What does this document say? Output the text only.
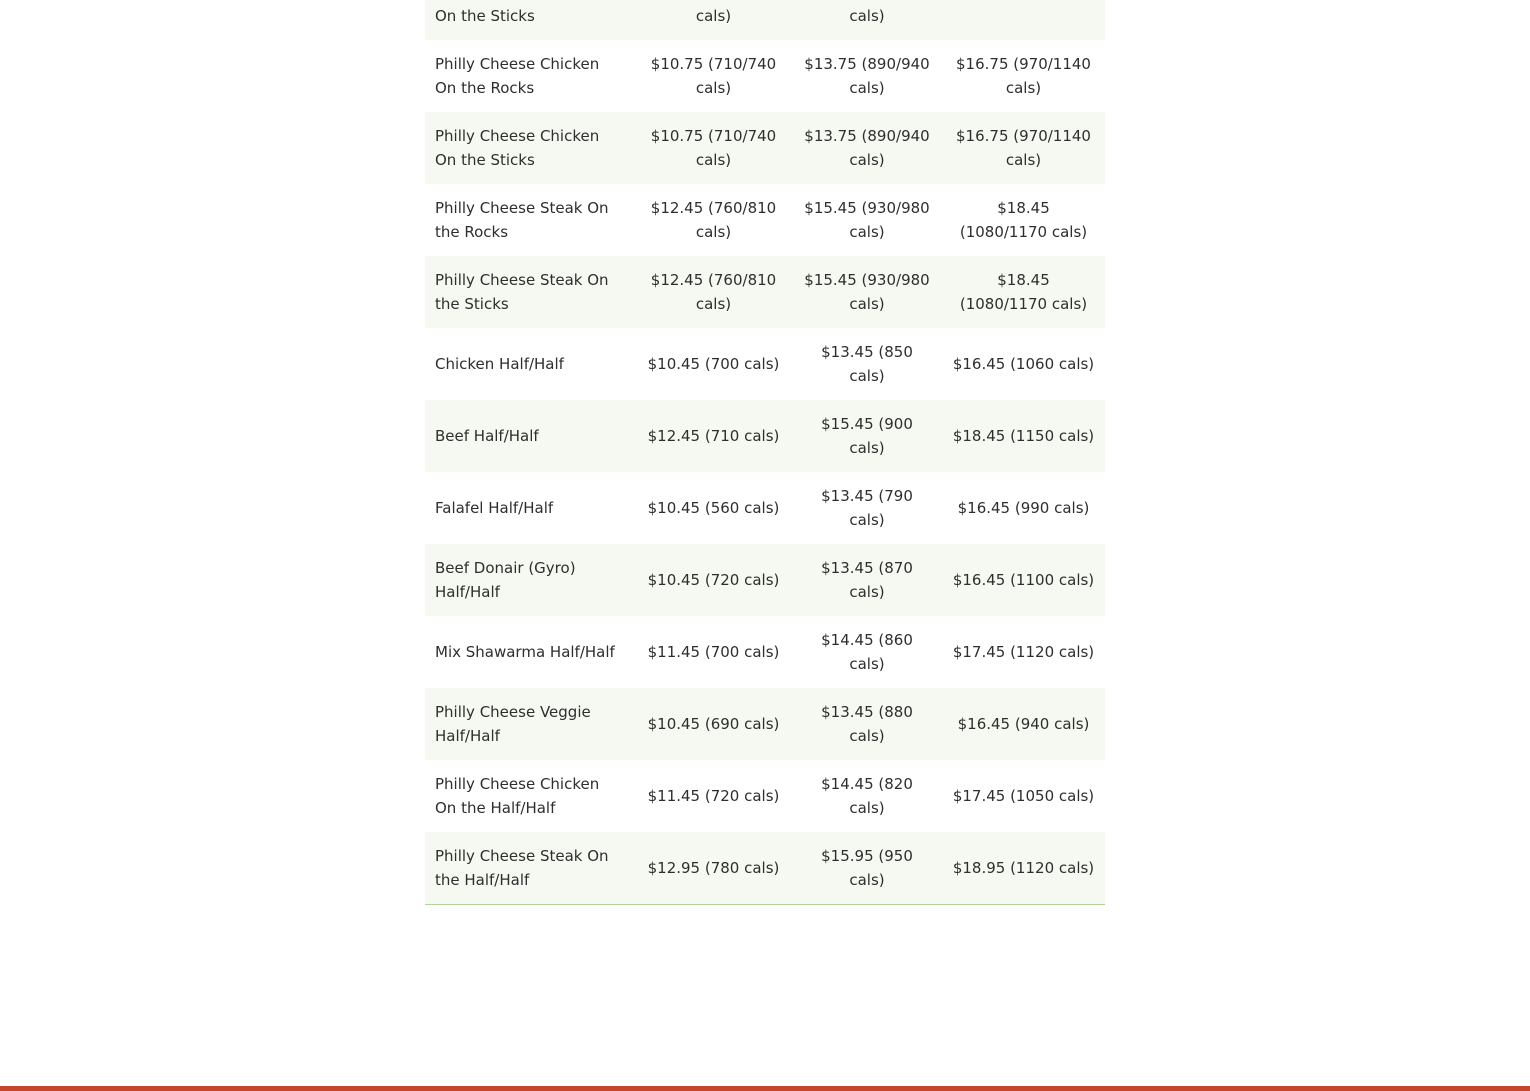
On the Sticks	cals)	cals)	
Philly Cheese Chicken On the Rocks	$10.75 (710/740 cals)	$13.75 (890/940 cals)	$16.75 (970/1140 cals)
Philly Cheese Chicken On the Sticks	$10.75 (710/740 cals)	$13.75 (890/940 cals)	$16.75 (970/1140 cals)
Philly Cheese Steak On the Rocks	$12.45 (760/810 cals)	$15.45 (930/980 cals)	$18.45 (1080/1170 cals)
Philly Cheese Steak On the Sticks	$12.45 (760/810 cals)	$15.45 (930/980 cals)	$18.45 (1080/1170 cals)
Chicken Half/Half	$10.45 (700 cals)	$13.45 (850 cals)	$16.45 (1060 cals)
Beef Half/Half	$12.45 (710 cals)	$15.45 (900 cals)	$18.45 (1150 cals)
Falafel Half/Half	$10.45 (560 cals)	$13.45 (790 cals)	$16.45 (990 cals)
Beef Donair (Gyro) Half/Half	$10.45 (720 cals)	$13.45 (870 cals)	$16.45 (1100 cals)
Mix Shawarma Half/Half	$11.45 (700 cals)	$14.45 (860 cals)	$17.45 (1120 cals)
Philly Cheese Veggie Half/Half	$10.45 (690 cals)	$13.45 (880 cals)	$16.45 (940 cals)
Philly Cheese Chicken On the Half/Half	$11.45 (720 cals)	$14.45 (820 cals)	$17.45 (1050 cals)
Philly Cheese Steak On the Half/Half	$12.95 (780 cals)	$15.95 (950 cals)	$18.95 (1120 cals)
